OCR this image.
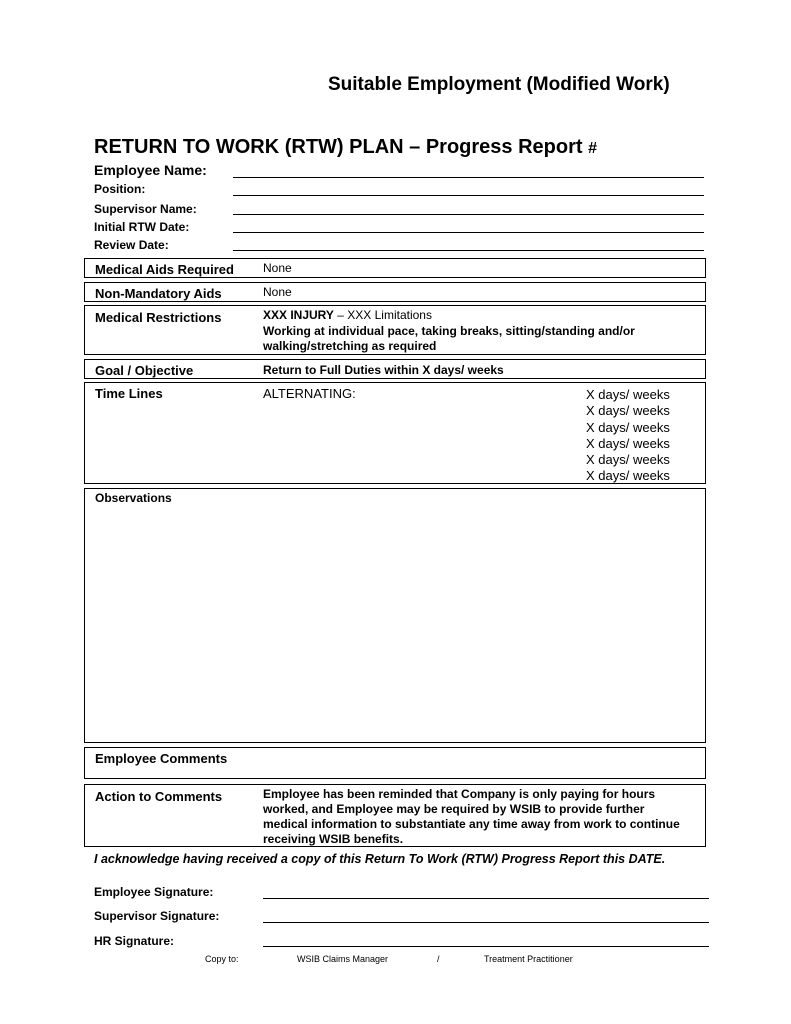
Suitable Employment (Modified Work)
RETURN TO WORK (RTW) PLAN – Progress Report #
Employee Name:
Position:
Supervisor Name:
Initial RTW Date:
Review Date:
Medical Aids Required None
Non-Mandatory Aids	None
Medical Restrictions	XXX INJURY – XXX Limitations
Working at individual pace, taking breaks, sitting/standing and/or walking/stretching as required
Goal / Objective	Return to Full Duties within X days/ weeks
Time Lines	ALTERNATING:	X days/ weeks
X days/ weeks
X days/ weeks
X days/ weeks
X days/ weeks
X days/ weeks
Observations
Employee Comments
Action to Comments	Employee has been reminded that Company is only paying for hours worked, and Employee may be required by WSIB to provide further medical information to substantiate any time away from work to continue receiving WSIB benefits.
I acknowledge having received a copy of this Return To Work (RTW) Progress Report this DATE.
Employee Signature:
Supervisor Signature:
HR Signature:
Copy to:	WSIB Claims Manager	/	Treatment Practitioner
